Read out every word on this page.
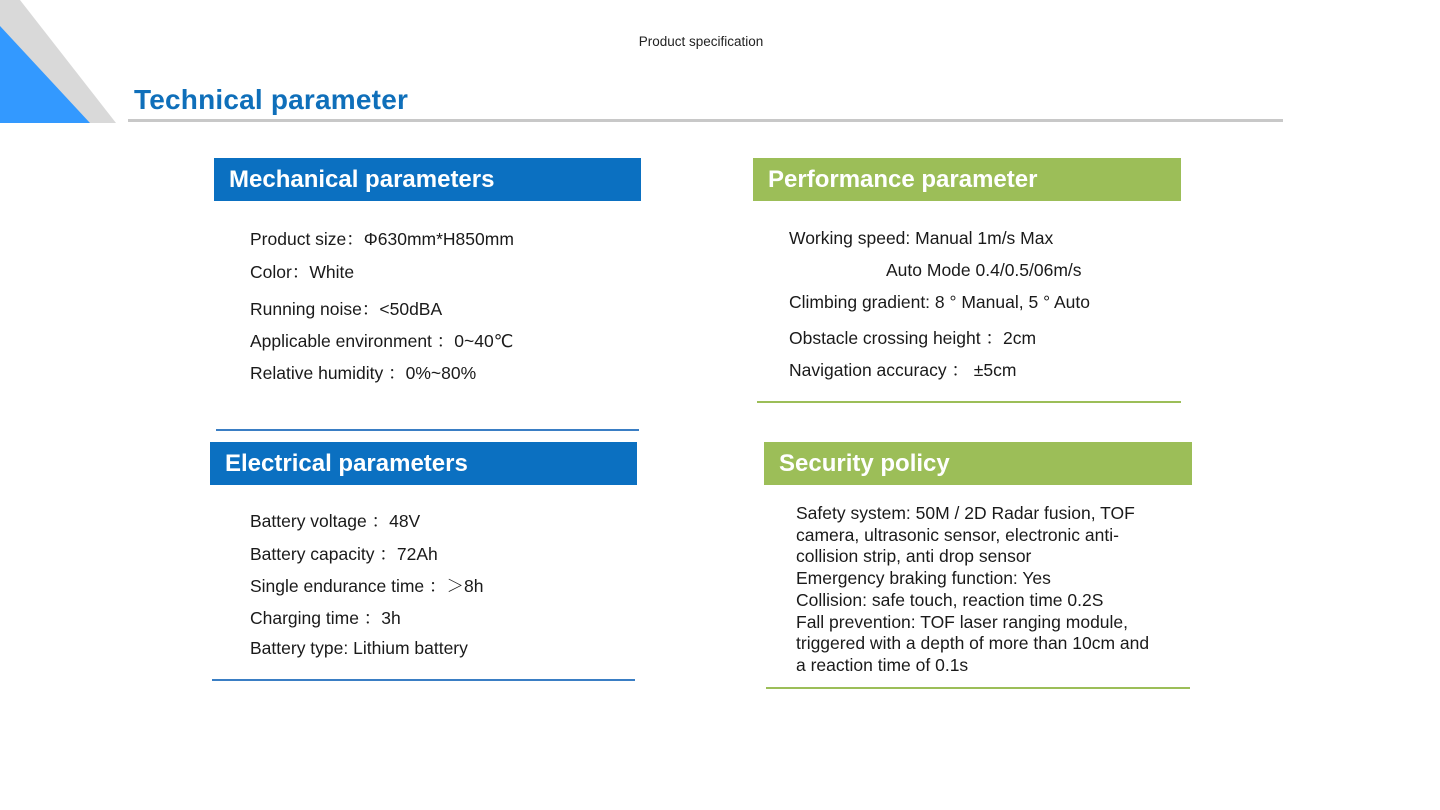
Product specification
Technical parameter
Mechanical parameters
Product size：Φ630mm*H850mm
Color：White
Running noise：<50dBA
Applicable environment ：0~40℃
Relative humidity ：0%~80%
Performance parameter
Working speed: Manual 1m/s Max
Auto Mode 0.4/0.5/06m/s
Climbing gradient: 8 ° Manual, 5 ° Auto
Obstacle crossing height ：2cm
Navigation accuracy ： ±5cm
Electrical parameters
Battery voltage ：48V
Battery capacity ：72Ah
Single endurance time ：＞8h
Charging time ：3h
Battery type: Lithium battery
Security policy
Safety system: 50M / 2D Radar fusion, TOF
camera, ultrasonic sensor, electronic anti-
collision strip, anti drop sensor
Emergency braking function: Yes
Collision: safe touch, reaction time 0.2S
Fall prevention: TOF laser ranging module,
triggered with a depth of more than 10cm and
a reaction time of 0.1s
